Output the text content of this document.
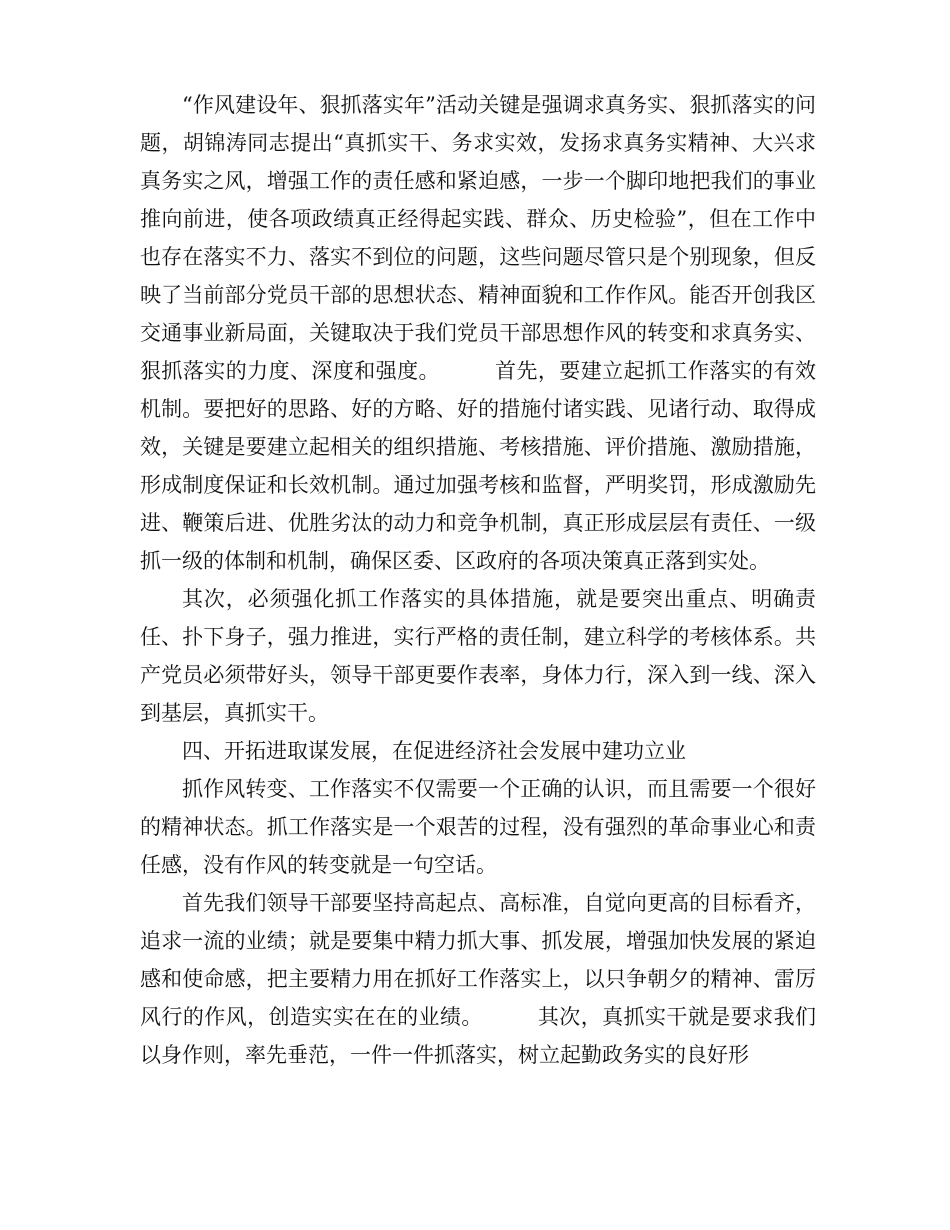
“作风建设年、狠抓落实年”活动关键是强调求真务实、狠抓落实的问题，胡锦涛同志提出“真抓实干、务求实效，发扬求真务实精神、大兴求真务实之风，增强工作的责任感和紧迫感，一步一个脚印地把我们的事业推向前进，使各项政绩真正经得起实践、群众、历史检验”，但在工作中也存在落实不力、落实不到位的问题，这些问题尽管只是个别现象，但反映了当前部分党员干部的思想状态、精神面貌和工作作风。能否开创我区交通事业新局面，关键取决于我们党员干部思想作风的转变和求真务实、狠抓落实的力度、深度和强度。	首先，要建立起抓工作落实的有效机制。要把好的思路、好的方略、好的措施付诸实践、见诸行动、取得成效，关键是要建立起相关的组织措施、考核措施、评价措施、激励措施，形成制度保证和长效机制。通过加强考核和监督，严明奖罚，形成激励先进、鞭策后进、优胜劣汰的动力和竞争机制，真正形成层层有责任、一级抓一级的体制和机制，确保区委、区政府的各项决策真正落到实处。

其次，必须强化抓工作落实的具体措施，就是要突出重点、明确责任、扑下身子，强力推进，实行严格的责任制，建立科学的考核体系。共产党员必须带好头，领导干部更要作表率，身体力行，深入到一线、深入到基层，真抓实干。

四、开拓进取谋发展，在促进经济社会发展中建功立业

抓作风转变、工作落实不仅需要一个正确的认识，而且需要一个很好的精神状态。抓工作落实是一个艰苦的过程，没有强烈的革命事业心和责任感，没有作风的转变就是一句空话。

首先我们领导干部要坚持高起点、高标准，自觉向更高的目标看齐，追求一流的业绩；就是要集中精力抓大事、抓发展，增强加快发展的紧迫感和使命感，把主要精力用在抓好工作落实上，以只争朝夕的精神、雷厉风行的作风，创造实实在在的业绩。	其次，真抓实干就是要求我们以身作则，率先垂范，一件一件抓落实，树立起勤政务实的良好形
